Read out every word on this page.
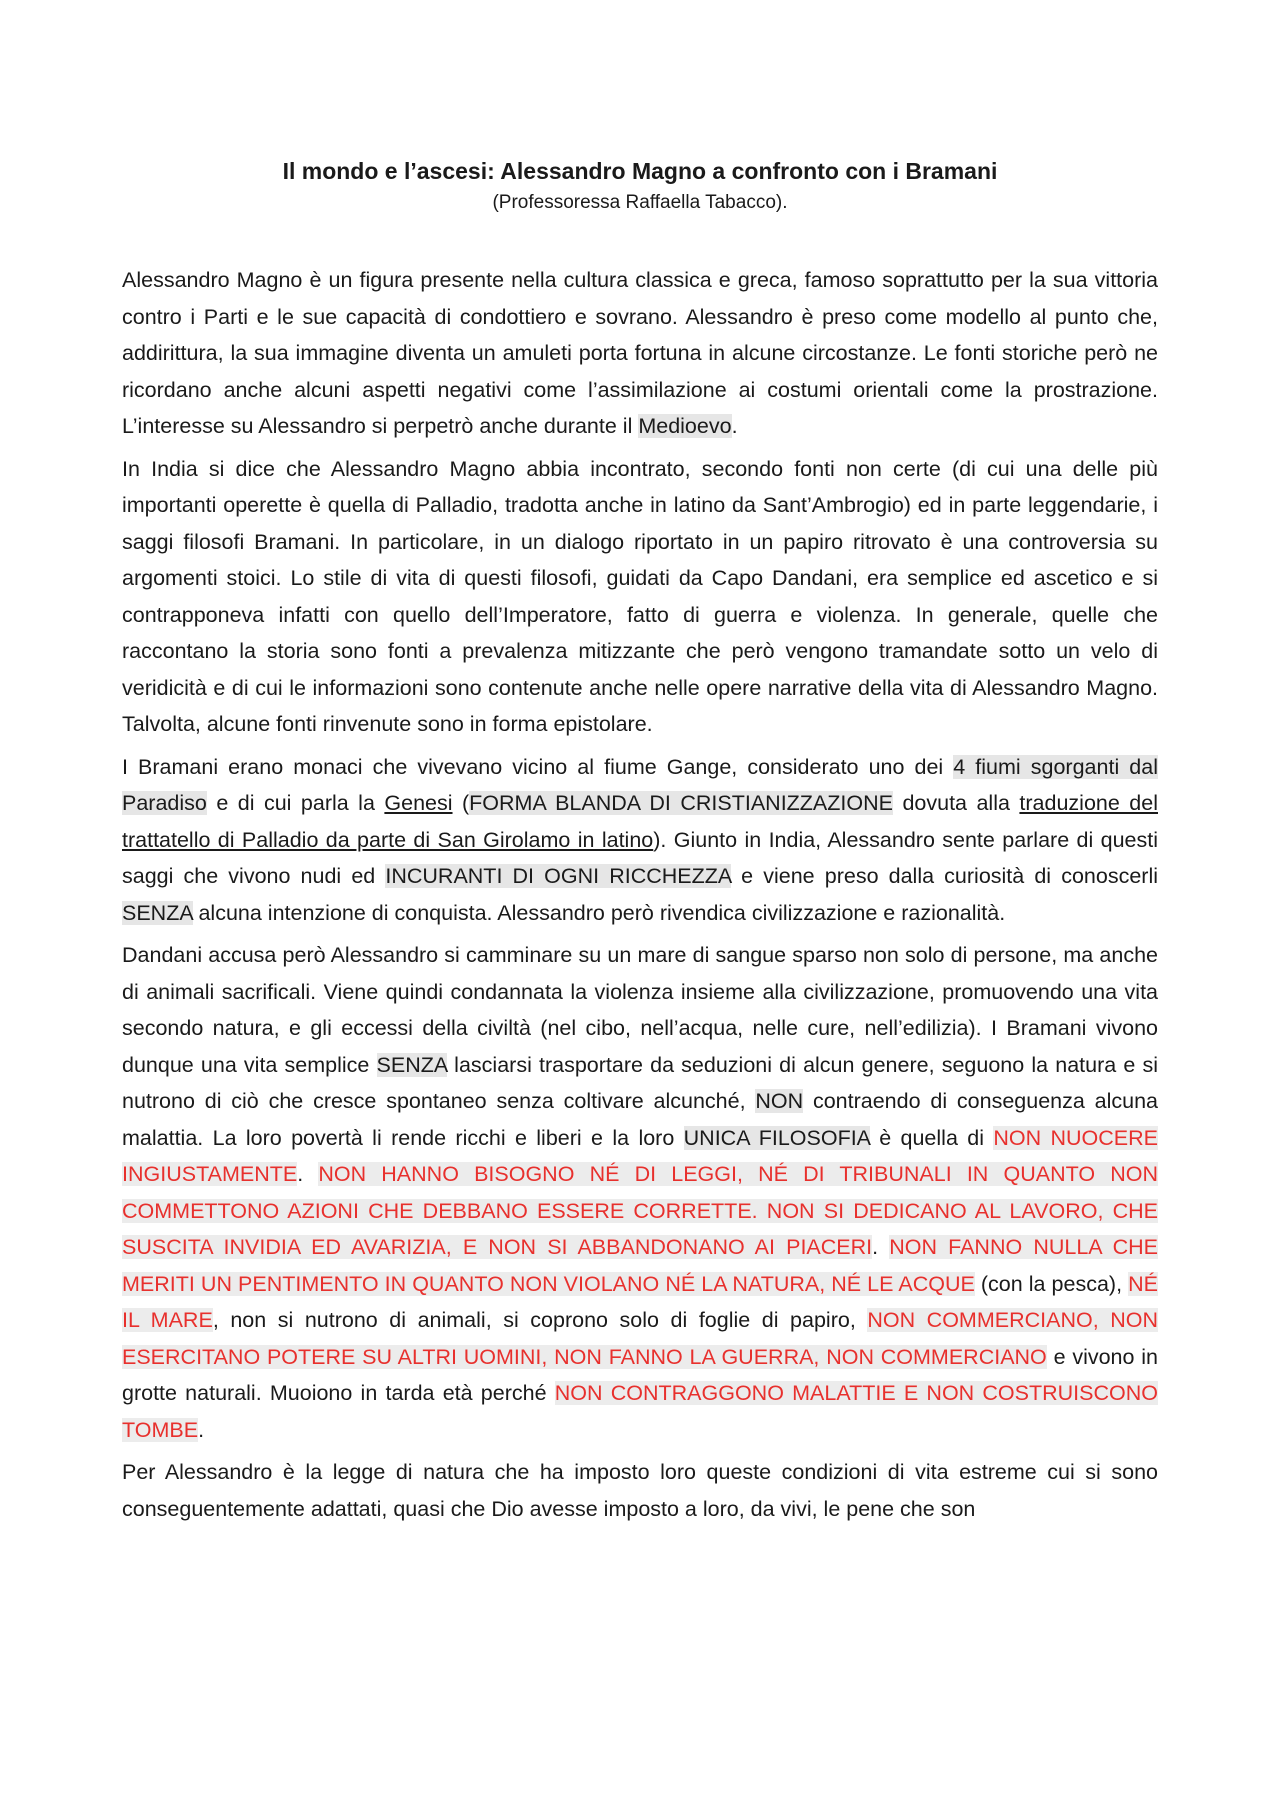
Il mondo e l’ascesi: Alessandro Magno a confronto con i Bramani
(Professoressa Raffaella Tabacco).

Alessandro Magno è un figura presente nella cultura classica e greca, famoso soprattutto per la sua vittoria contro i Parti e le sue capacità di condottiero e sovrano. Alessandro è preso come modello al punto che, addirittura, la sua immagine diventa un amuleti porta fortuna in alcune circostanze. Le fonti storiche però ne ricordano anche alcuni aspetti negativi come l’assimilazione ai costumi orientali come la prostrazione. L’interesse su Alessandro si perpetrò anche durante il Medioevo.

In India si dice che Alessandro Magno abbia incontrato, secondo fonti non certe (di cui una delle più importanti operette è quella di Palladio, tradotta anche in latino da Sant’Ambrogio) ed in parte leggendarie, i saggi filosofi Bramani. In particolare, in un dialogo riportato in un papiro ritrovato è una controversia su argomenti stoici. Lo stile di vita di questi filosofi, guidati da Capo Dandani, era semplice ed ascetico e si contrapponeva infatti con quello dell’Imperatore, fatto di guerra e violenza. In generale, quelle che raccontano la storia sono fonti a prevalenza mitizzante che però vengono tramandate sotto un velo di veridicità e di cui le informazioni sono contenute anche nelle opere narrative della vita di Alessandro Magno. Talvolta, alcune fonti rinvenute sono in forma epistolare.

I Bramani erano monaci che vivevano vicino al fiume Gange, considerato uno dei 4 fiumi sgorganti dal Paradiso e di cui parla la Genesi (FORMA BLANDA DI CRISTIANIZZAZIONE dovuta alla traduzione del trattatello di Palladio da parte di San Girolamo in latino). Giunto in India, Alessandro sente parlare di questi saggi che vivono nudi ed INCURANTI DI OGNI RICCHEZZA e viene preso dalla curiosità di conoscerli SENZA alcuna intenzione di conquista. Alessandro però rivendica civilizzazione e razionalità.

Dandani accusa però Alessandro si camminare su un mare di sangue sparso non solo di persone, ma anche di animali sacrificali. Viene quindi condannata la violenza insieme alla civilizzazione, promuovendo una vita secondo natura, e gli eccessi della civiltà (nel cibo, nell’acqua, nelle cure, nell’edilizia). I Bramani vivono dunque una vita semplice SENZA lasciarsi trasportare da seduzioni di alcun genere, seguono la natura e si nutrono di ciò che cresce spontaneo senza coltivare alcunché, NON contraendo di conseguenza alcuna malattia. La loro povertà li rende ricchi e liberi e la loro UNICA FILOSOFIA è quella di NON NUOCERE INGIUSTAMENTE. NON HANNO BISOGNO NÉ DI LEGGI, NÉ DI TRIBUNALI IN QUANTO NON COMMETTONO AZIONI CHE DEBBANO ESSERE CORRETTE. NON SI DEDICANO AL LAVORO, CHE SUSCITA INVIDIA ED AVARIZIA, E NON SI ABBANDONANO AI PIACERI. NON FANNO NULLA CHE MERITI UN PENTIMENTO IN QUANTO NON VIOLANO NÉ LA NATURA, NÉ LE ACQUE (con la pesca), NÉ IL MARE, non si nutrono di animali, si coprono solo di foglie di papiro, NON COMMERCIANO, NON ESERCITANO POTERE SU ALTRI UOMINI, NON FANNO LA GUERRA, NON COMMERCIANO e vivono in grotte naturali. Muoiono in tarda età perché NON CONTRAGGONO MALATTIE E NON COSTRUISCONO TOMBE.

Per Alessandro è la legge di natura che ha imposto loro queste condizioni di vita estreme cui si sono conseguentemente adattati, quasi che Dio avesse imposto a loro, da vivi, le pene che son
